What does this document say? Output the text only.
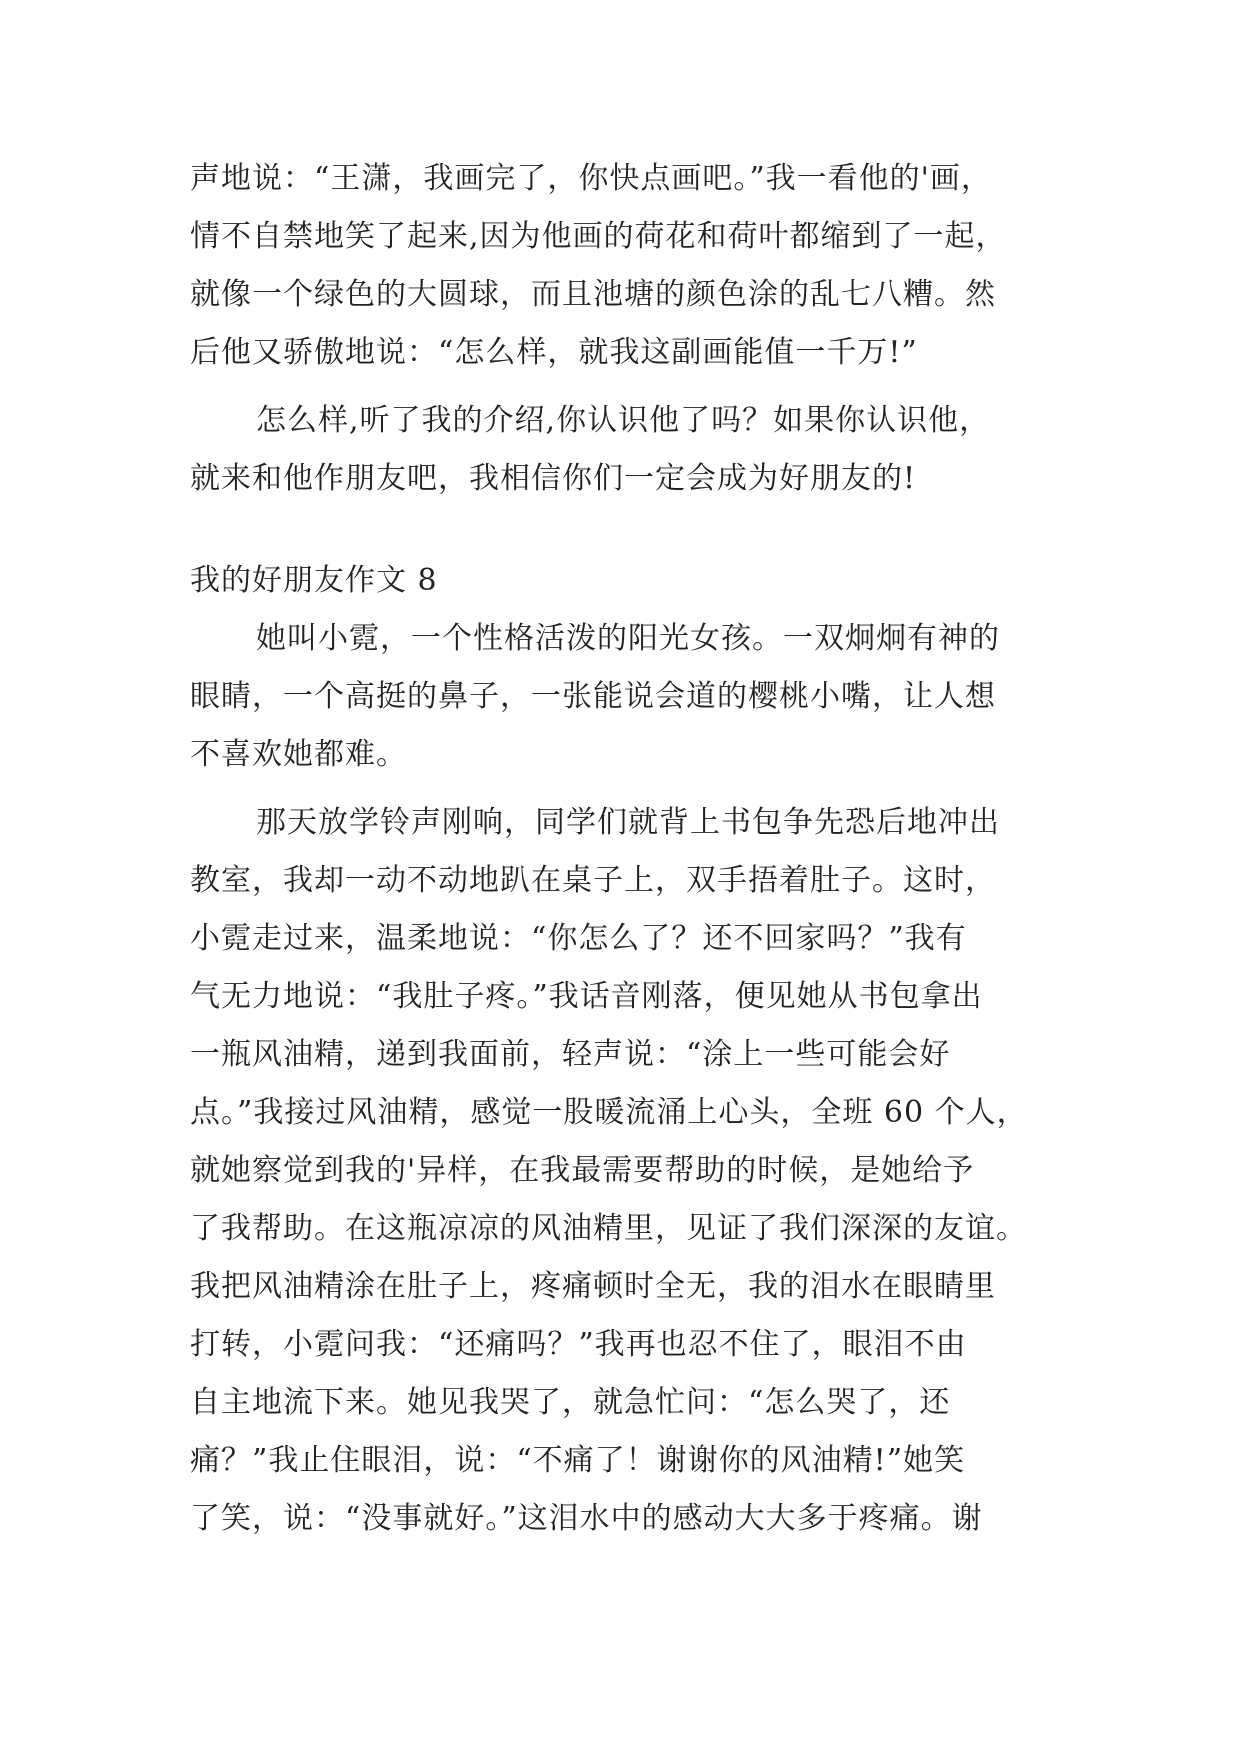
声地说：“王潇，我画完了，你快点画吧。”我一看他的'画，
情不自禁地笑了起来,因为他画的荷花和荷叶都缩到了一起，
就像一个绿色的大圆球，而且池塘的颜色涂的乱七八糟。然
后他又骄傲地说：“怎么样，就我这副画能值一千万!”
怎么样,听了我的介绍,你认识他了吗？如果你认识他，
就来和他作朋友吧，我相信你们一定会成为好朋友的!
我的好朋友作文 8
她叫小霓，一个性格活泼的阳光女孩。一双炯炯有神的
眼睛，一个高挺的鼻子，一张能说会道的樱桃小嘴，让人想
不喜欢她都难。
那天放学铃声刚响，同学们就背上书包争先恐后地冲出
教室，我却一动不动地趴在桌子上，双手捂着肚子。这时，
小霓走过来，温柔地说：“你怎么了？还不回家吗？”我有
气无力地说：“我肚子疼。”我话音刚落，便见她从书包拿出
一瓶风油精，递到我面前，轻声说：“涂上一些可能会好
点。”我接过风油精，感觉一股暖流涌上心头，全班 60 个人，
就她察觉到我的'异样，在我最需要帮助的时候，是她给予
了我帮助。在这瓶凉凉的风油精里，见证了我们深深的友谊。
我把风油精涂在肚子上，疼痛顿时全无，我的泪水在眼睛里
打转，小霓问我：“还痛吗？”我再也忍不住了，眼泪不由
自主地流下来。她见我哭了，就急忙问：“怎么哭了，还
痛？”我止住眼泪，说：“不痛了！谢谢你的风油精!”她笑
了笑，说：“没事就好。”这泪水中的感动大大多于疼痛。谢
